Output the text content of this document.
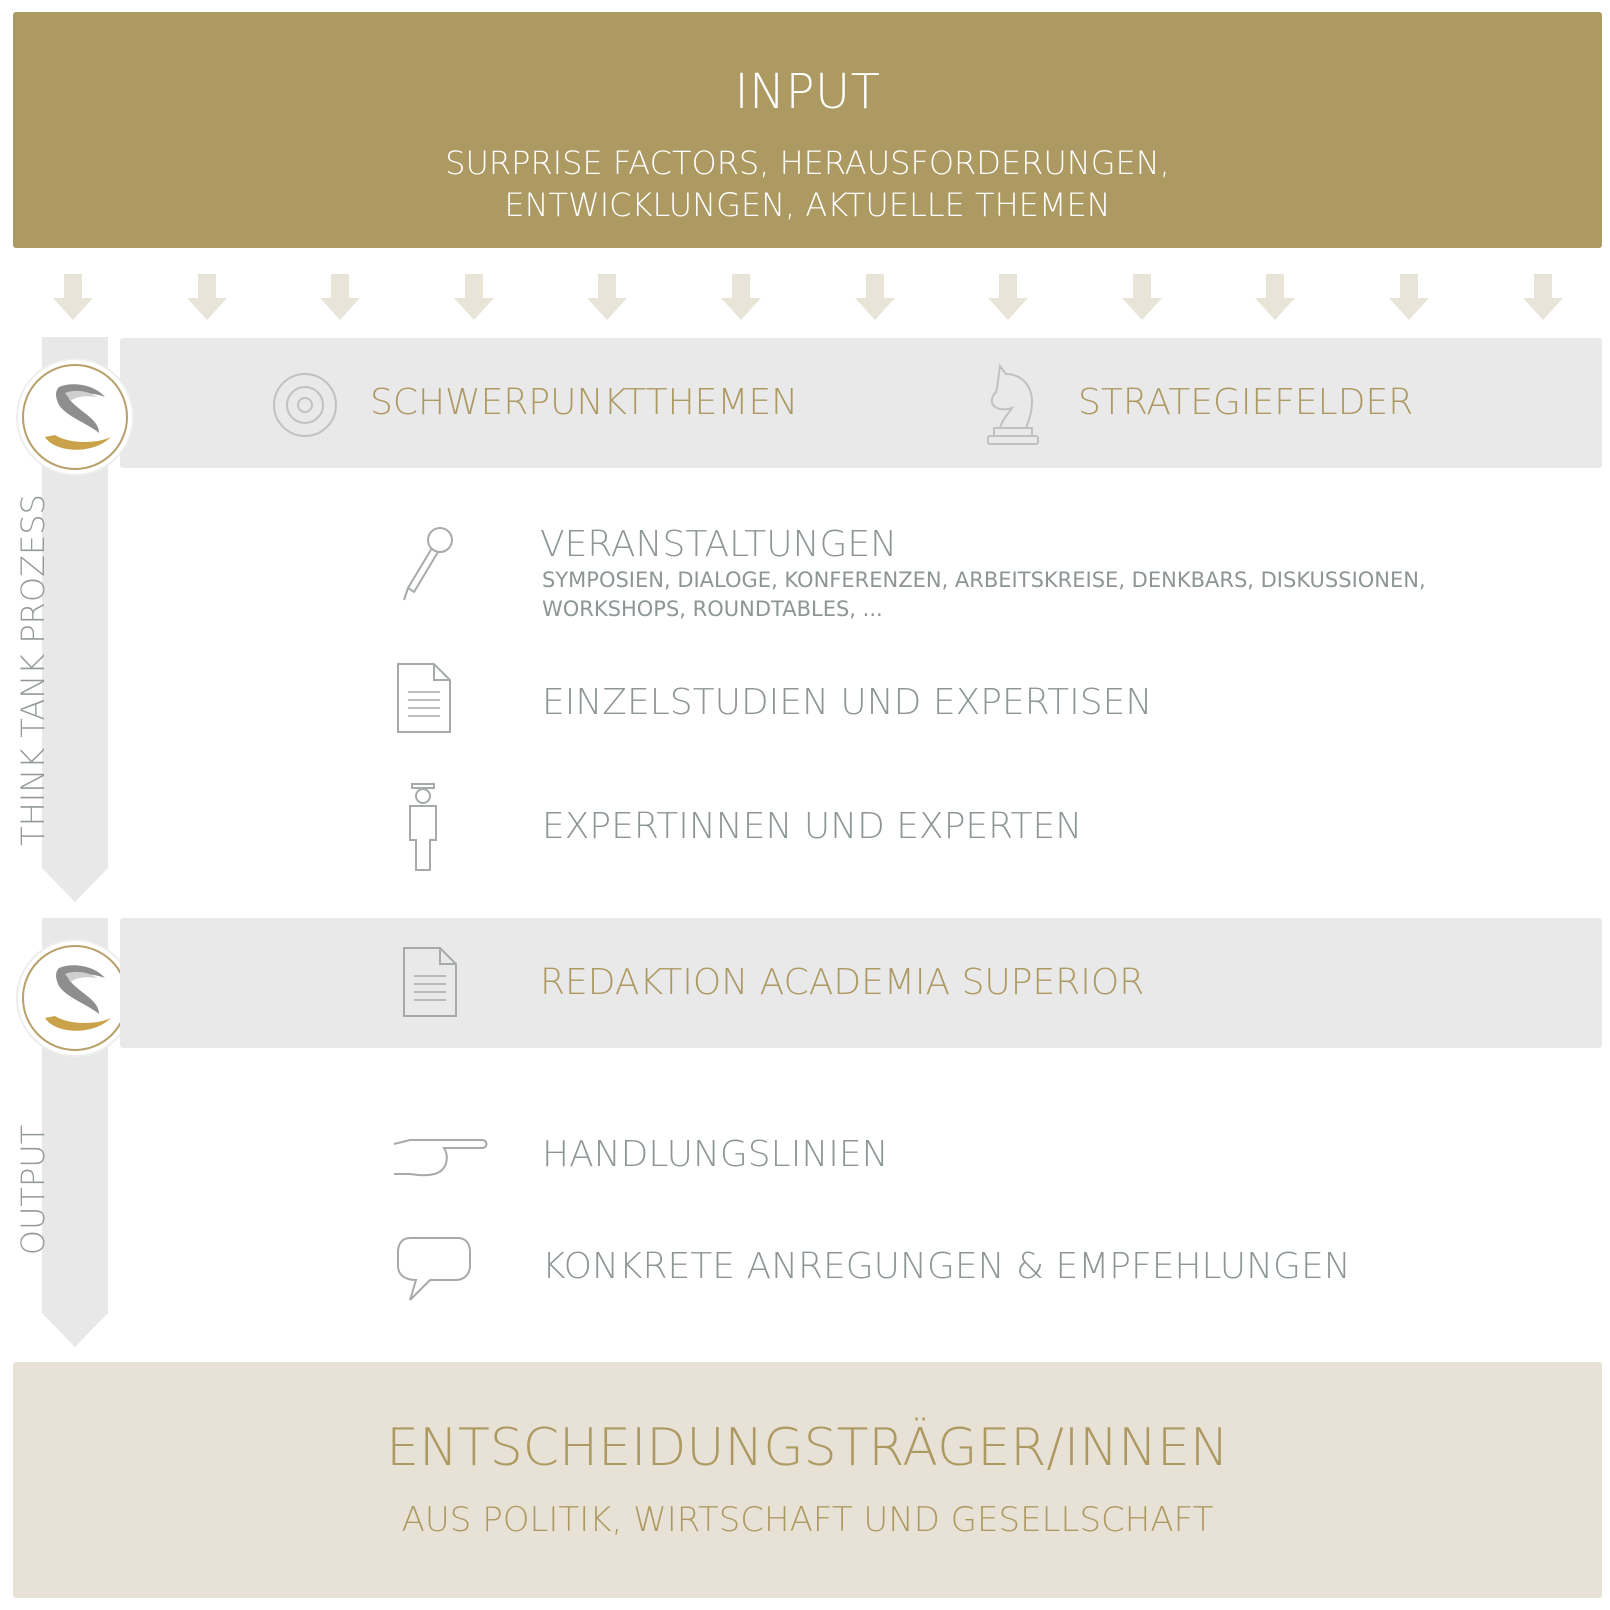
INPUT
SURPRISE FACTORS, HERAUSFORDERUNGEN,
ENTWICKLUNGEN, AKTUELLE THEMEN
THINK TANK PROZESS
OUTPUT
SCHWERPUNKTTHEMEN	STRATEGIEFELDER
VERANSTALTUNGEN
SYMPOSIEN, DIALOGE, KONFERENZEN, ARBEITSKREISE, DENKBARS, DISKUSSIONEN,
WORKSHOPS, ROUNDTABLES, ...
EINZELSTUDIEN UND EXPERTISEN
EXPERTINNEN UND EXPERTEN
REDAKTION ACADEMIA SUPERIOR
HANDLUNGSLINIEN
KONKRETE ANREGUNGEN & EMPFEHLUNGEN
ENTSCHEIDUNGSTRÄGER/INNEN
AUS POLITIK, WIRTSCHAFT UND GESELLSCHAFT
